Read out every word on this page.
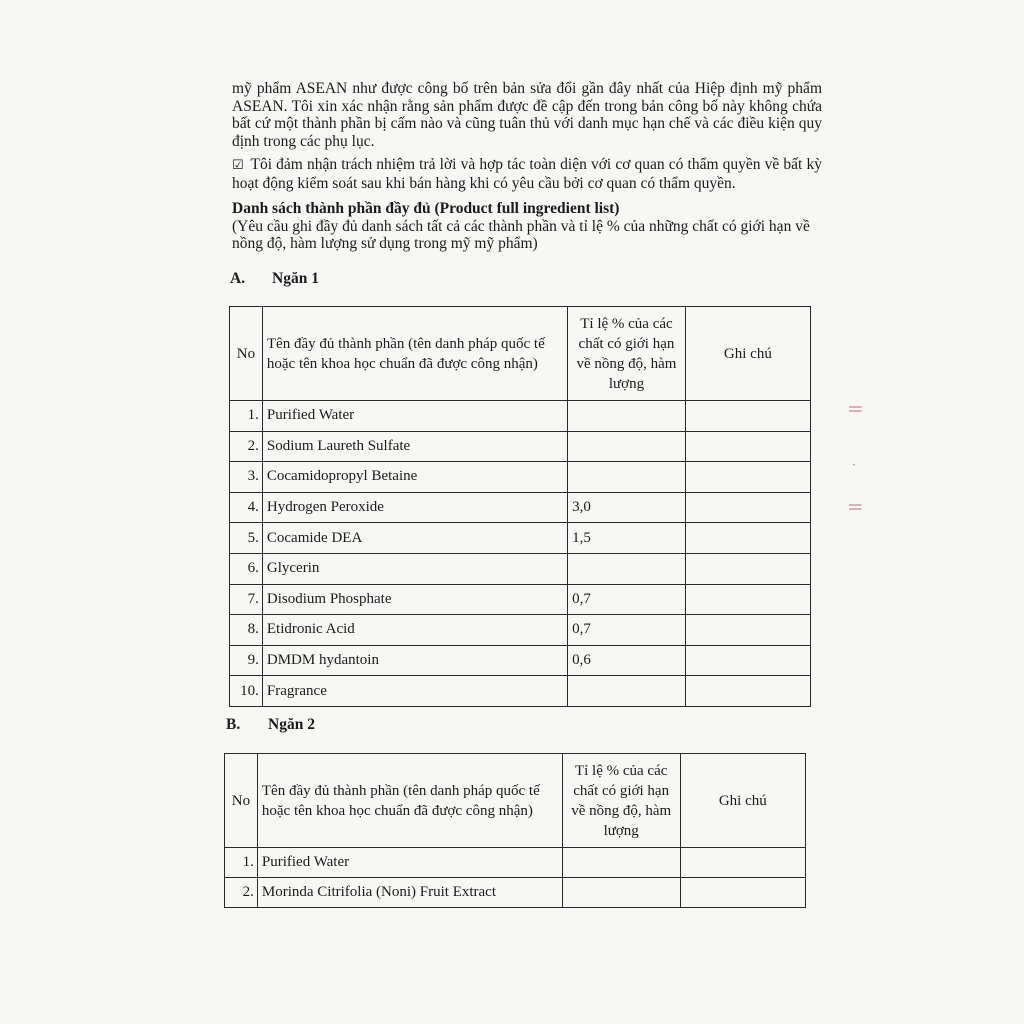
mỹ phẩm ASEAN như được công bố trên bản sửa đổi gần đây nhất của Hiệp định mỹ phẩm ASEAN. Tôi xin xác nhận rằng sản phẩm được đề cập đến trong bản công bố này không chứa bất cứ một thành phần bị cấm nào và cũng tuân thủ với danh mục hạn chế và các điều kiện quy định trong các phụ lục.
☑ Tôi đảm nhận trách nhiệm trả lời và hợp tác toàn diện với cơ quan có thẩm quyền về bất kỳ hoạt động kiểm soát sau khi bán hàng khi có yêu cầu bởi cơ quan có thẩm quyền.
Danh sách thành phần đầy đủ (Product full ingredient list)
(Yêu cầu ghi đầy đủ danh sách tất cả các thành phần và tỉ lệ % của những chất có giới hạn về nồng độ, hàm lượng sử dụng trong mỹ mỹ phẩm)
A. Ngăn 1
No	Tên đầy đủ thành phần (tên danh pháp quốc tế hoặc tên khoa học chuẩn đã được công nhận)	Tỉ lệ % của các chất có giới hạn về nồng độ, hàm lượng	Ghi chú
1.	Purified Water		
2.	Sodium Laureth Sulfate		
3.	Cocamidopropyl Betaine		
4.	Hydrogen Peroxide	3,0	
5.	Cocamide DEA	1,5	
6.	Glycerin		
7.	Disodium Phosphate	0,7	
8.	Etidronic Acid	0,7	
9.	DMDM hydantoin	0,6	
10.	Fragrance		
B. Ngăn 2
No	Tên đầy đủ thành phần (tên danh pháp quốc tế hoặc tên khoa học chuẩn đã được công nhận)	Tỉ lệ % của các chất có giới hạn về nồng độ, hàm lượng	Ghi chú
1.	Purified Water		
2.	Morinda Citrifolia (Noni) Fruit Extract		
||
·
||
